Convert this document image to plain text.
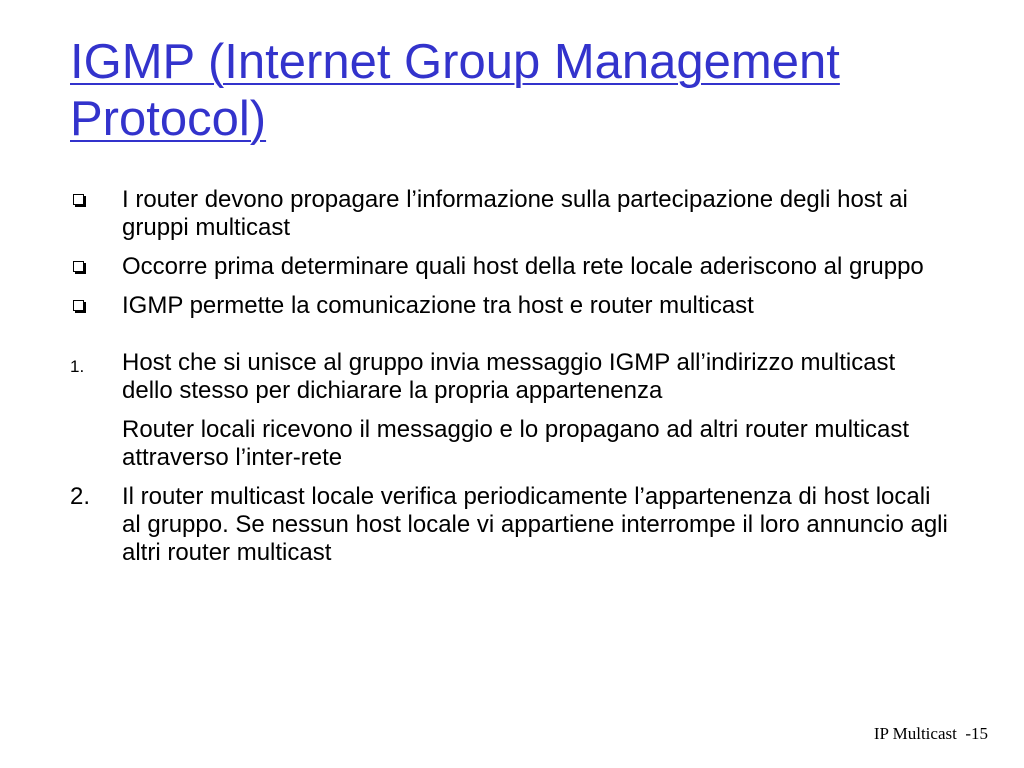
IGMP (Internet Group Management Protocol)
I router devono propagare l’informazione sulla partecipazione degli host ai gruppi multicast
Occorre prima determinare quali host della rete locale aderiscono al gruppo
IGMP permette la comunicazione tra host e router multicast
1.	Host che si unisce al gruppo invia messaggio IGMP all’indirizzo multicast dello stesso per dichiarare la propria appartenenza
Router locali ricevono il messaggio e lo propagano ad altri router multicast attraverso l’inter-rete
2.	Il router multicast locale verifica periodicamente l’appartenenza di host locali al gruppo. Se nessun host locale vi appartiene interrompe il loro annuncio agli altri router multicast
IP Multicast  -15
